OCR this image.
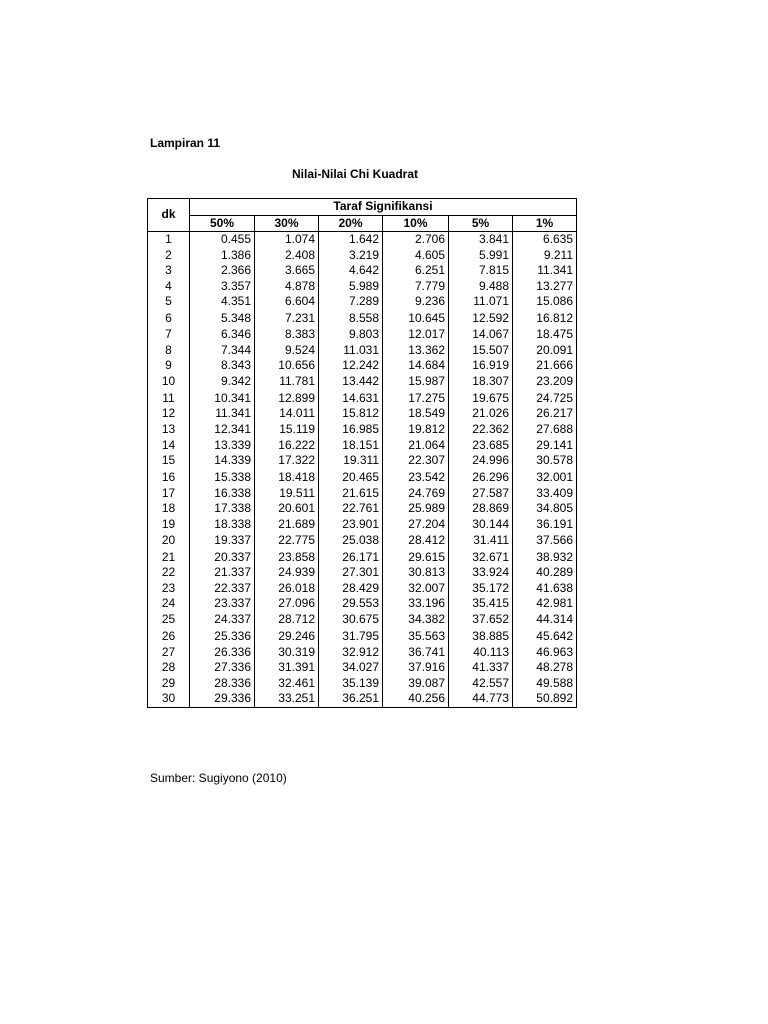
Lampiran 11
Nilai-Nilai Chi Kuadrat
dk	Taraf Signifikansi					
	50%	30%	20%	10%	5%	1%
1	0.455	1.074	1.642	2.706	3.841	6.635
2	1.386	2.408	3.219	4.605	5.991	9.211
3	2.366	3.665	4.642	6.251	7.815	11.341
4	3.357	4.878	5.989	7.779	9.488	13.277
5	4.351	6.604	7.289	9.236	11.071	15.086
6	5.348	7.231	8.558	10.645	12.592	16.812
7	6.346	8.383	9.803	12.017	14.067	18.475
8	7.344	9.524	11.031	13.362	15.507	20.091
9	8.343	10.656	12.242	14.684	16.919	21.666
10	9.342	11.781	13.442	15.987	18.307	23.209
11	10.341	12.899	14.631	17.275	19.675	24.725
12	11.341	14.011	15.812	18.549	21.026	26.217
13	12.341	15.119	16.985	19.812	22.362	27.688
14	13.339	16.222	18.151	21.064	23.685	29.141
15	14.339	17.322	19.311	22.307	24.996	30.578
16	15.338	18.418	20.465	23.542	26.296	32.001
17	16.338	19.511	21.615	24.769	27.587	33.409
18	17.338	20.601	22.761	25.989	28.869	34.805
19	18.338	21.689	23.901	27.204	30.144	36.191
20	19.337	22.775	25.038	28.412	31.411	37.566
21	20.337	23.858	26.171	29.615	32.671	38.932
22	21.337	24.939	27.301	30.813	33.924	40.289
23	22.337	26.018	28.429	32.007	35.172	41.638
24	23.337	27.096	29.553	33.196	35.415	42.981
25	24.337	28.712	30.675	34.382	37.652	44.314
26	25.336	29.246	31.795	35.563	38.885	45.642
27	26.336	30.319	32.912	36.741	40.113	46.963
28	27.336	31.391	34.027	37.916	41.337	48.278
29	28.336	32.461	35.139	39.087	42.557	49.588
30	29.336	33.251	36.251	40.256	44.773	50.892
Sumber: Sugiyono (2010)
